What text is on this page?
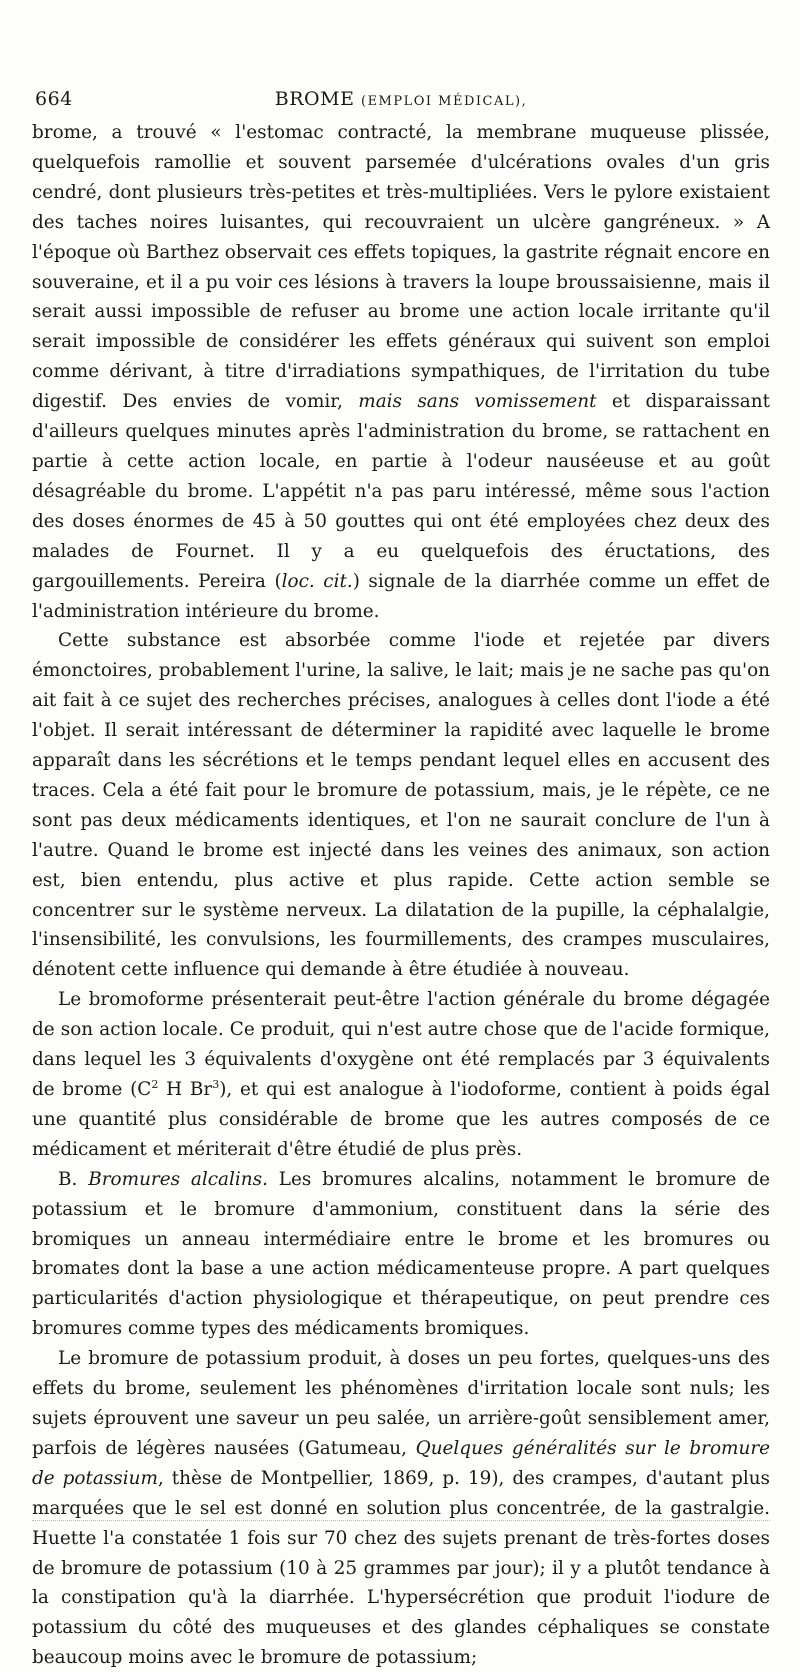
664	BROME (EMPLOI MÉDICAL),

brome, a trouvé « l'estomac contracté, la membrane muqueuse plissée, quelquefois ramollie et souvent parsemée d'ulcérations ovales d'un gris cendré, dont plusieurs très-petites et très-multipliées. Vers le pylore existaient des taches noires luisantes, qui recouvraient un ulcère gangréneux. » A l'époque où Barthez observait ces effets topiques, la gastrite régnait encore en souveraine, et il a pu voir ces lésions à travers la loupe broussaisienne, mais il serait aussi impossible de refuser au brome une action locale irritante qu'il serait impossible de considérer les effets généraux qui suivent son emploi comme dérivant, à titre d'irradiations sympathiques, de l'irritation du tube digestif. Des envies de vomir, mais sans vomissement et disparaissant d'ailleurs quelques minutes après l'administration du brome, se rattachent en partie à cette action locale, en partie à l'odeur nauséeuse et au goût désagréable du brome. L'appétit n'a pas paru intéressé, même sous l'action des doses énormes de 45 à 50 gouttes qui ont été employées chez deux des malades de Fournet. Il y a eu quelquefois des éructations, des gargouillements. Pereira (loc. cit.) signale de la diarrhée comme un effet de l'administration intérieure du brome.

Cette substance est absorbée comme l'iode et rejetée par divers émonctoires, probablement l'urine, la salive, le lait; mais je ne sache pas qu'on ait fait à ce sujet des recherches précises, analogues à celles dont l'iode a été l'objet. Il serait intéressant de déterminer la rapidité avec laquelle le brome apparaît dans les sécrétions et le temps pendant lequel elles en accusent des traces. Cela a été fait pour le bromure de potassium, mais, je le répète, ce ne sont pas deux médicaments identiques, et l'on ne saurait conclure de l'un à l'autre. Quand le brome est injecté dans les veines des animaux, son action est, bien entendu, plus active et plus rapide. Cette action semble se concentrer sur le système nerveux. La dilatation de la pupille, la céphalalgie, l'insensibilité, les convulsions, les fourmillements, des crampes musculaires, dénotent cette influence qui demande à être étudiée à nouveau.

Le bromoforme présenterait peut-être l'action générale du brome dégagée de son action locale. Ce produit, qui n'est autre chose que de l'acide formique, dans lequel les 3 équivalents d'oxygène ont été remplacés par 3 équivalents de brome ($C^2$ H Br$^3$), et qui est analogue à l'iodoforme, contient à poids égal une quantité plus considérable de brome que les autres composés de ce médicament et mériterait d'être étudié de plus près.

B. Bromures alcalins. Les bromures alcalins, notamment le bromure de potassium et le bromure d'ammonium, constituent dans la série des bromiques un anneau intermédiaire entre le brome et les bromures ou bromates dont la base a une action médicamenteuse propre. A part quelques particularités d'action physiologique et thérapeutique, on peut prendre ces bromures comme types des médicaments bromiques.

Le bromure de potassium produit, à doses un peu fortes, quelques-uns des effets du brome, seulement les phénomènes d'irritation locale sont nuls; les sujets éprouvent une saveur un peu salée, un arrière-goût sensiblement amer, parfois de légères nausées (Gatumeau, Quelques généralités sur le bromure de potassium, thèse de Montpellier, 1869, p. 19), des crampes, d'autant plus marquées que le sel est donné en solution plus concentrée, de la gastralgie. Huette l'a constatée 1 fois sur 70 chez des sujets prenant de très-fortes doses de bromure de potassium (10 à 25 grammes par jour); il y a plutôt tendance à la constipation qu'à la diarrhée. L'hypersécrétion que produit l'iodure de potassium du côté des muqueuses et des glandes céphaliques se constate beaucoup moins avec le bromure de potassium;
